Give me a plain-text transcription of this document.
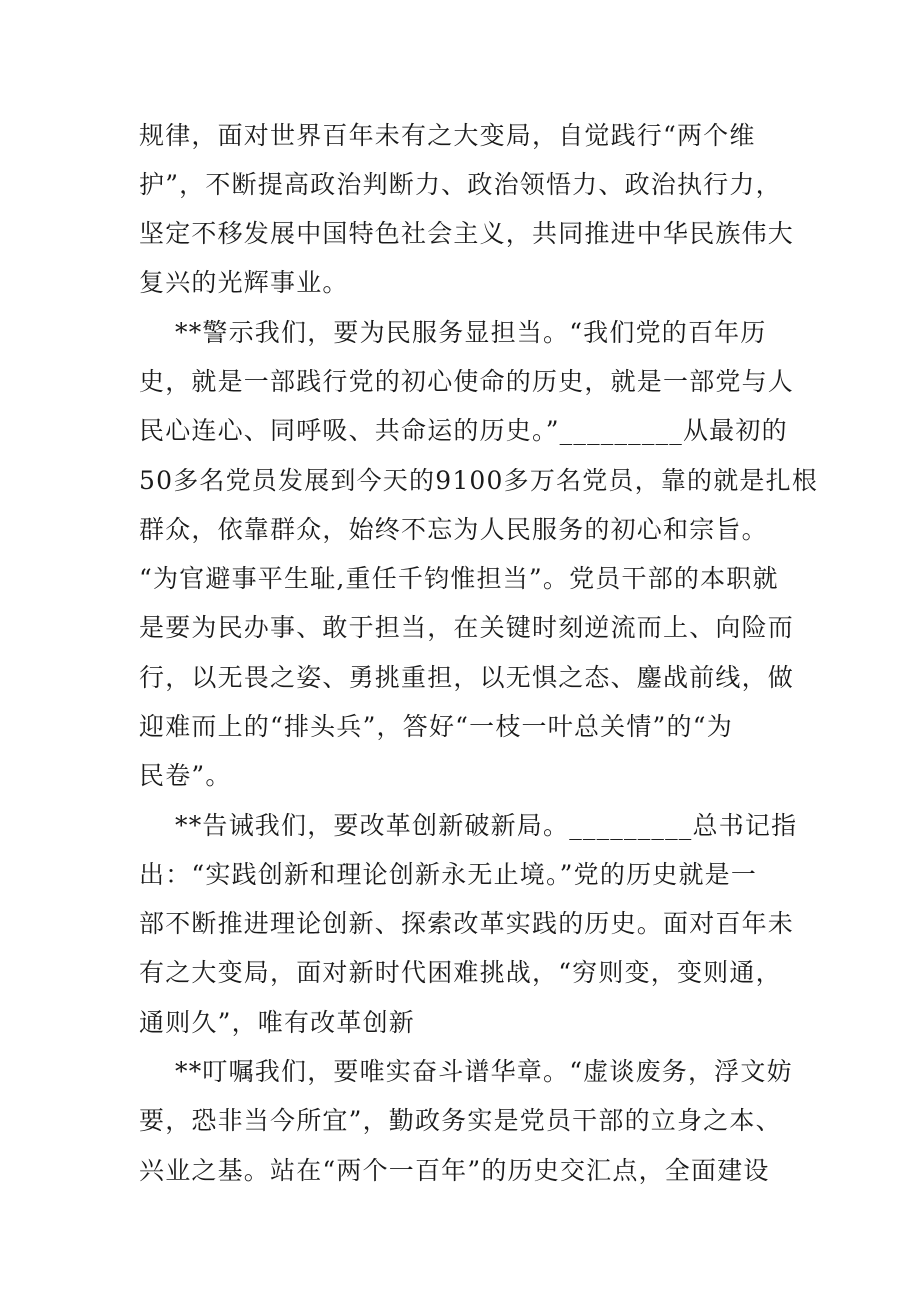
规律，面对世界百年未有之大变局，自觉践行“两个维
护”，不断提高政治判断力、政治领悟力、政治执行力，
坚定不移发展中国特色社会主义，共同推进中华民族伟大
复兴的光辉事业。
**警示我们，要为民服务显担当。“我们党的百年历
史，就是一部践行党的初心使命的历史，就是一部党与人
民心连心、同呼吸、共命运的历史。”_________从最初的
50多名党员发展到今天的9100多万名党员，靠的就是扎根
群众，依靠群众，始终不忘为人民服务的初心和宗旨。
“为官避事平生耻,重任千钧惟担当”。党员干部的本职就
是要为民办事、敢于担当，在关键时刻逆流而上、向险而
行，以无畏之姿、勇挑重担，以无惧之态、鏖战前线，做
迎难而上的“排头兵”，答好“一枝一叶总关情”的“为
民卷”。
**告诫我们，要改革创新破新局。_________总书记指
出：“实践创新和理论创新永无止境。”党的历史就是一
部不断推进理论创新、探索改革实践的历史。面对百年未
有之大变局，面对新时代困难挑战，“穷则变，变则通，
通则久”，唯有改革创新
**叮嘱我们，要唯实奋斗谱华章。“虚谈废务，浮文妨
要，恐非当今所宜”，勤政务实是党员干部的立身之本、
兴业之基。站在“两个一百年”的历史交汇点，全面建设
